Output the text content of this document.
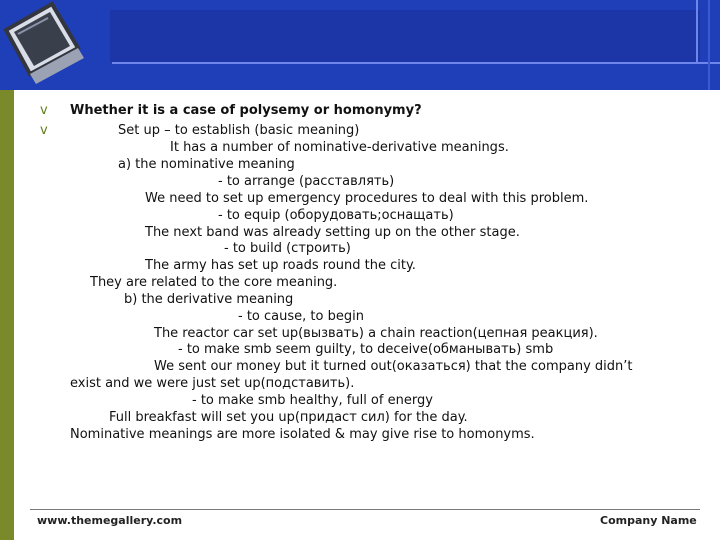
v
v
Whether it is a case of polysemy or homonymy?
Set up – to establish (basic meaning)
It has a number of nominative-derivative meanings.
a) the nominative meaning
- to arrange (расставлять)
We need to set up emergency procedures to deal with this problem.
- to equip (оборудовать;оснащать)
The next band was already setting up on the other stage.
- to build (строить)
The army has set up roads round the city.
They are related to the core meaning.
b) the derivative meaning
- to cause, to begin
The reactor car set up(вызвать) a chain reaction(цепная реакция).
- to make smb seem guilty, to deceive(обманывать) smb
We sent our money but it turned out(оказаться) that the company didn’t
exist and we were just set up(подставить).
- to make smb healthy, full of energy
Full breakfast will set you up(придаст сил) for the day.
Nominative meanings are more isolated & may give rise to homonyms.
www.themegallery.com	Company Name
